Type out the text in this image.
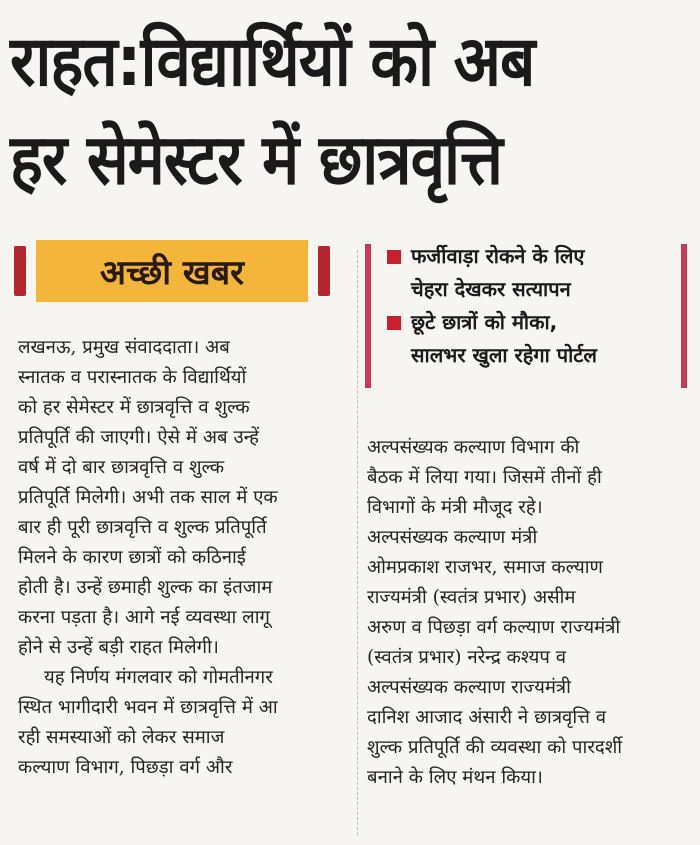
राहत:विद्यार्थियों को अब
हर सेमेस्टर में छात्रवृत्ति
अच्छी खबर	फर्जीवाड़ा रोकने के लिए
चेहरा देखकर सत्यापन
छूटे छात्रों को मौका,
सालभर खुला रहेगा पोर्टल

लखनऊ, प्रमुख संवाददाता। अब
स्नातक व परास्नातक के विद्यार्थियों
को हर सेमेस्टर में छात्रवृत्ति व शुल्क
प्रतिपूर्ति की जाएगी। ऐसे में अब उन्हें
वर्ष में दो बार छात्रवृत्ति व शुल्क
प्रतिपूर्ति मिलेगी। अभी तक साल में एक
बार ही पूरी छात्रवृत्ति व शुल्क प्रतिपूर्ति
मिलने के कारण छात्रों को कठिनाई
होती है। उन्हें छमाही शुल्क का इंतजाम
करना पड़ता है। आगे नई व्यवस्था लागू
होने से उन्हें बड़ी राहत मिलेगी।

यह निर्णय मंगलवार को गोमतीनगर
स्थित भागीदारी भवन में छात्रवृत्ति में आ
रही समस्याओं को लेकर समाज
कल्याण विभाग, पिछड़ा वर्ग और

अल्पसंख्यक कल्याण विभाग की
बैठक में लिया गया। जिसमें तीनों ही
विभागों के मंत्री मौजूद रहे।
अल्पसंख्यक कल्याण मंत्री
ओमप्रकाश राजभर, समाज कल्याण
राज्यमंत्री (स्वतंत्र प्रभार) असीम
अरुण व पिछड़ा वर्ग कल्याण राज्यमंत्री
(स्वतंत्र प्रभार) नरेन्द्र कश्यप व
अल्पसंख्यक कल्याण राज्यमंत्री
दानिश आजाद अंसारी ने छात्रवृत्ति व
शुल्क प्रतिपूर्ति की व्यवस्था को पारदर्शी
बनाने के लिए मंथन किया।
